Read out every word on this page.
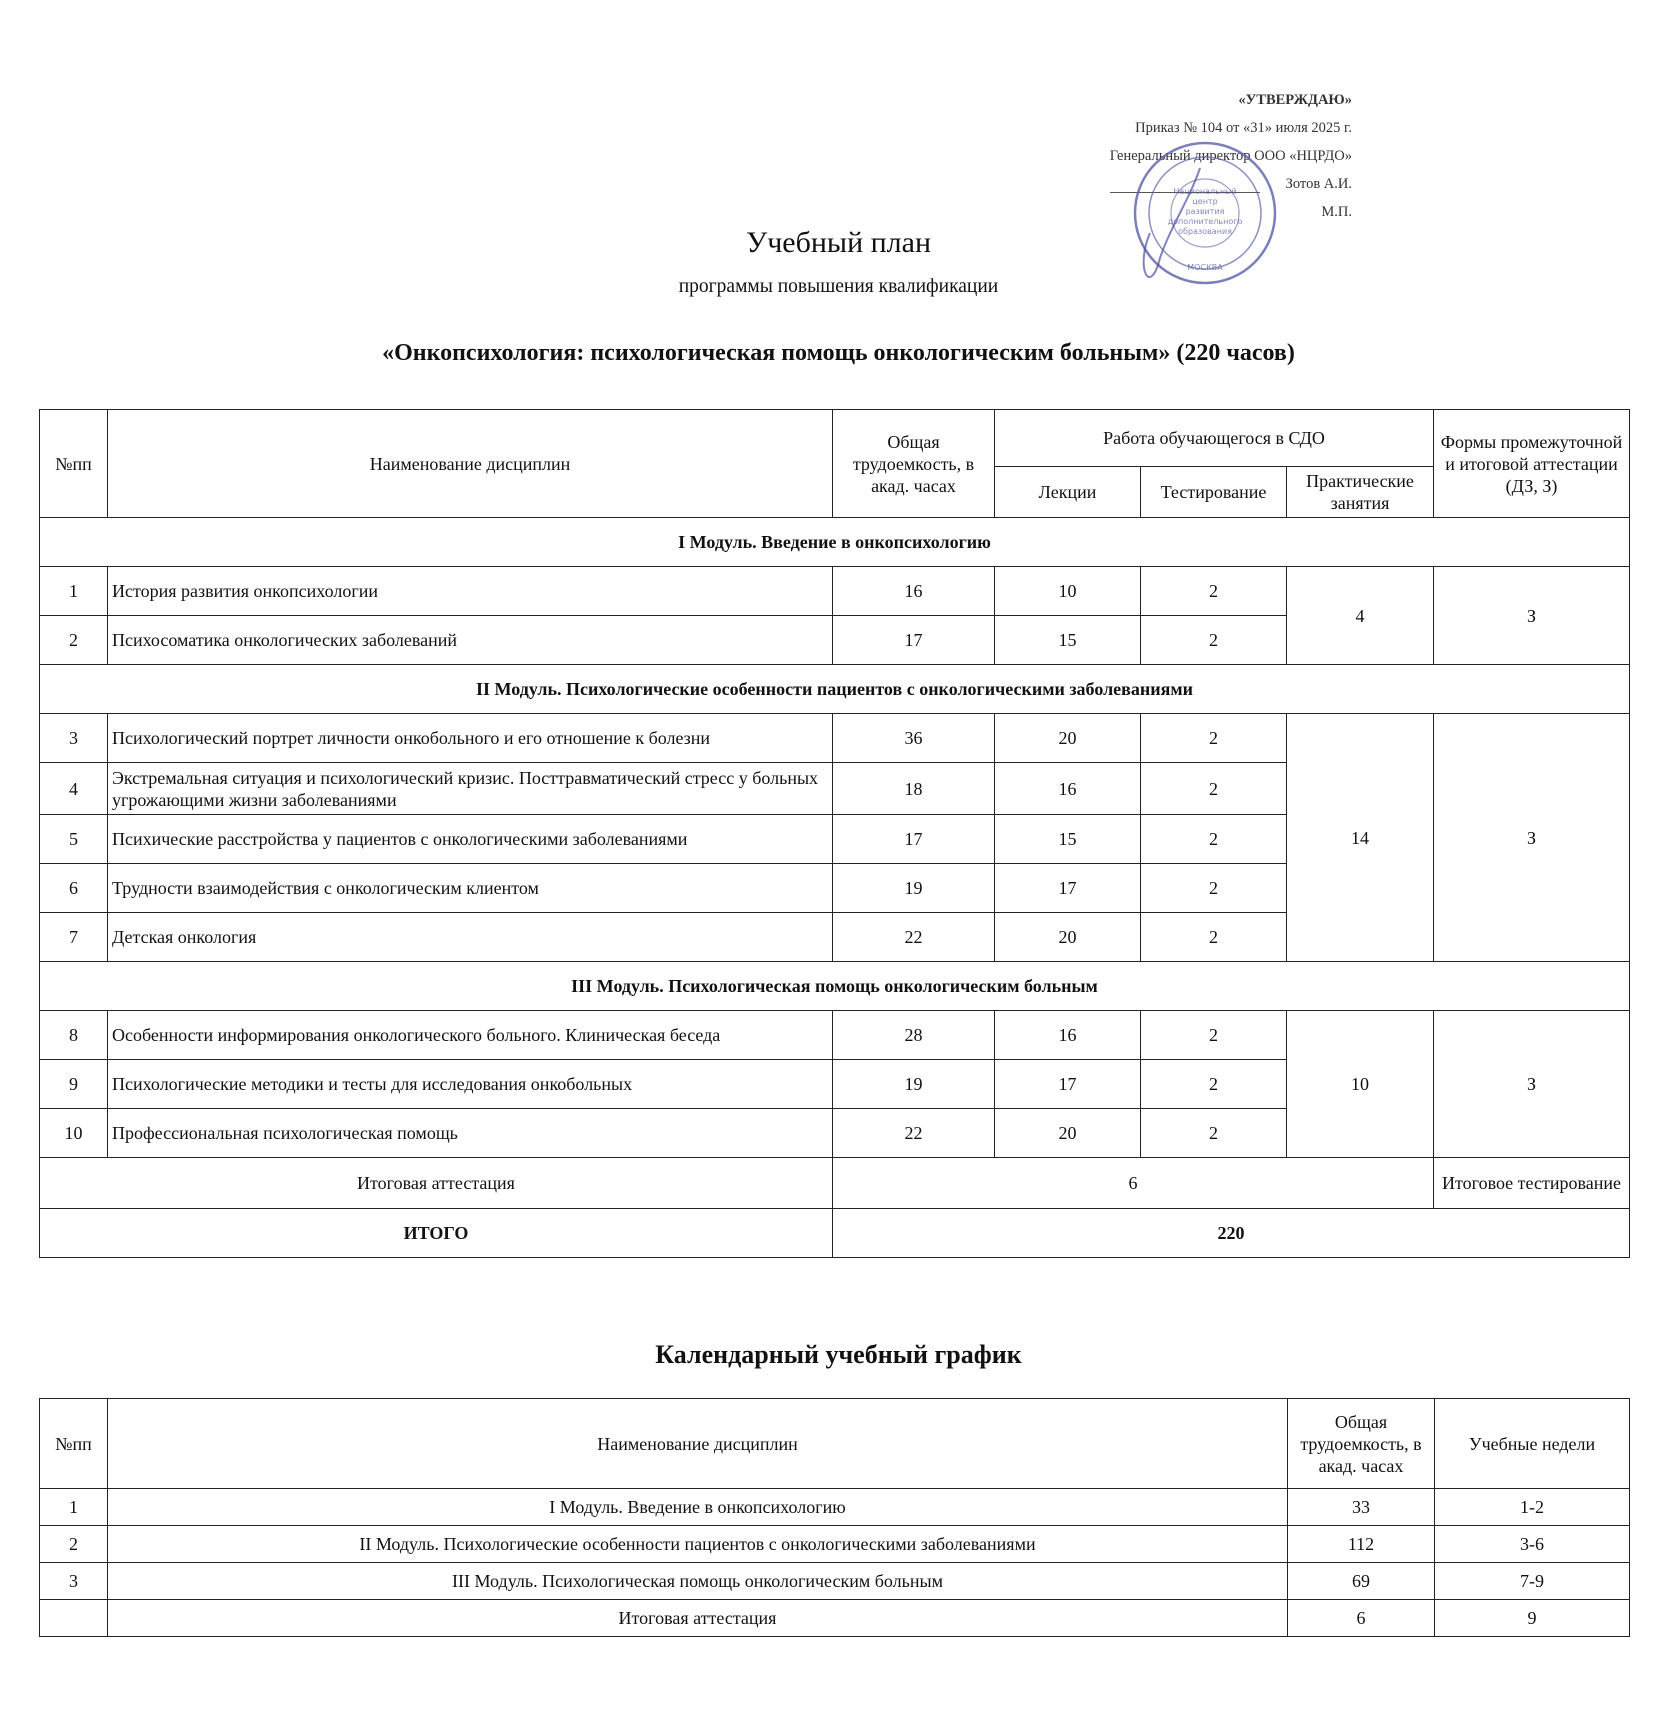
«УТВЕРЖДАЮ»
Приказ № 104 от «31» июля 2025 г.
Генеральный директор ООО «НЦРДО»
Зотов А.И.
М.П.
Национальный
центр
развития
дополнительного
образования
МОСКВА
Учебный план
программы повышения квалификации
«Онкопсихология: психологическая помощь онкологическим больным» (220 часов)
№пп	Наименование дисциплин	Общая трудоемкость, в акад. часах	Работа обучающегося в СДО			Формы промежуточной и итоговой аттестации (ДЗ, З)
			Лекции	Тестирование	Практические занятия	
I Модуль. Введение в онкопсихологию						
1	История развития онкопсихологии	16	10	2	4	З
2	Психосоматика онкологических заболеваний	17	15	2		
II Модуль. Психологические особенности пациентов с онкологическими заболеваниями						
3	Психологический портрет личности онкобольного и его отношение к болезни	36	20	2	14	З
4	Экстремальная ситуация и психологический кризис. Посттравматический стресс у больных угрожающими жизни заболеваниями	18	16	2		
5	Психические расстройства у пациентов с онкологическими заболеваниями	17	15	2		
6	Трудности взаимодействия с онкологическим клиентом	19	17	2		
7	Детская онкология	22	20	2		
III Модуль. Психологическая помощь онкологическим больным						
8	Особенности информирования онкологического больного. Клиническая беседа	28	16	2	10	З
9	Психологические методики и тесты для исследования онкобольных	19	17	2		
10	Профессиональная психологическая помощь	22	20	2		
Итоговая аттестация		6				Итоговое тестирование
ИТОГО		220				
Календарный учебный график
№пп	Наименование дисциплин	Общая трудоемкость, в акад. часах	Учебные недели
1	I Модуль. Введение в онкопсихологию	33	1-2
2	II Модуль. Психологические особенности пациентов с онкологическими заболеваниями	112	3-6
3	III Модуль. Психологическая помощь онкологическим больным	69	7-9
	Итоговая аттестация	6	9
